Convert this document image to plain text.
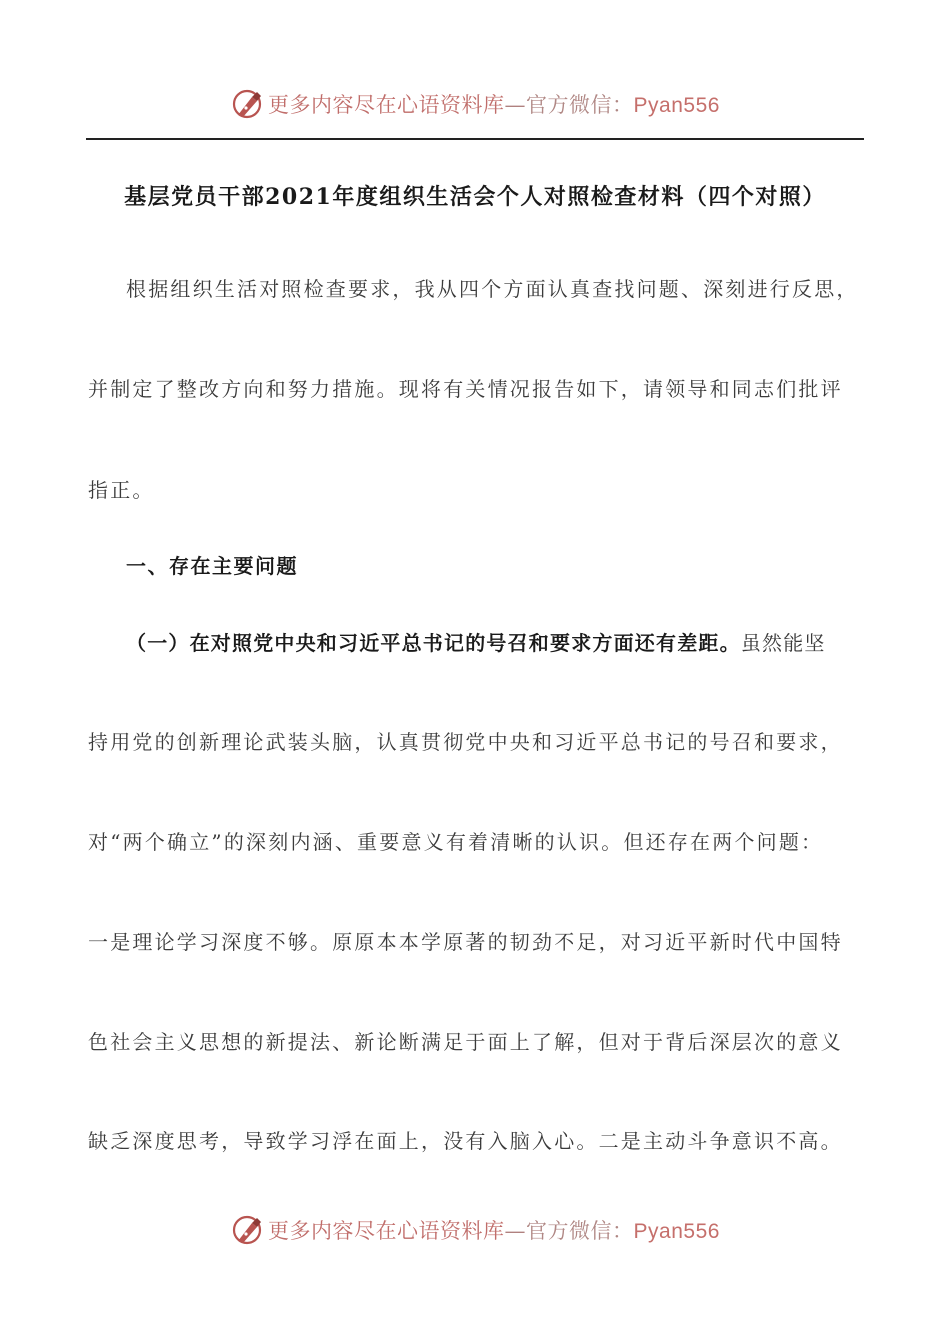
更多内容尽在心语资料库—官方微信：Pyan556
基层党员干部2021年度组织生活会个人对照检查材料（四个对照）
根据组织生活对照检查要求，我从四个方面认真查找问题、深刻进行反思，
并制定了整改方向和努力措施。现将有关情况报告如下，请领导和同志们批评
指正。
一、存在主要问题
（一）在对照党中央和习近平总书记的号召和要求方面还有差距。虽然能坚
持用党的创新理论武装头脑，认真贯彻党中央和习近平总书记的号召和要求，
对“两个确立”的深刻内涵、重要意义有着清晰的认识。但还存在两个问题：
一是理论学习深度不够。原原本本学原著的韧劲不足，对习近平新时代中国特
色社会主义思想的新提法、新论断满足于面上了解，但对于背后深层次的意义
缺乏深度思考，导致学习浮在面上，没有入脑入心。二是主动斗争意识不高。
更多内容尽在心语资料库—官方微信：Pyan556
